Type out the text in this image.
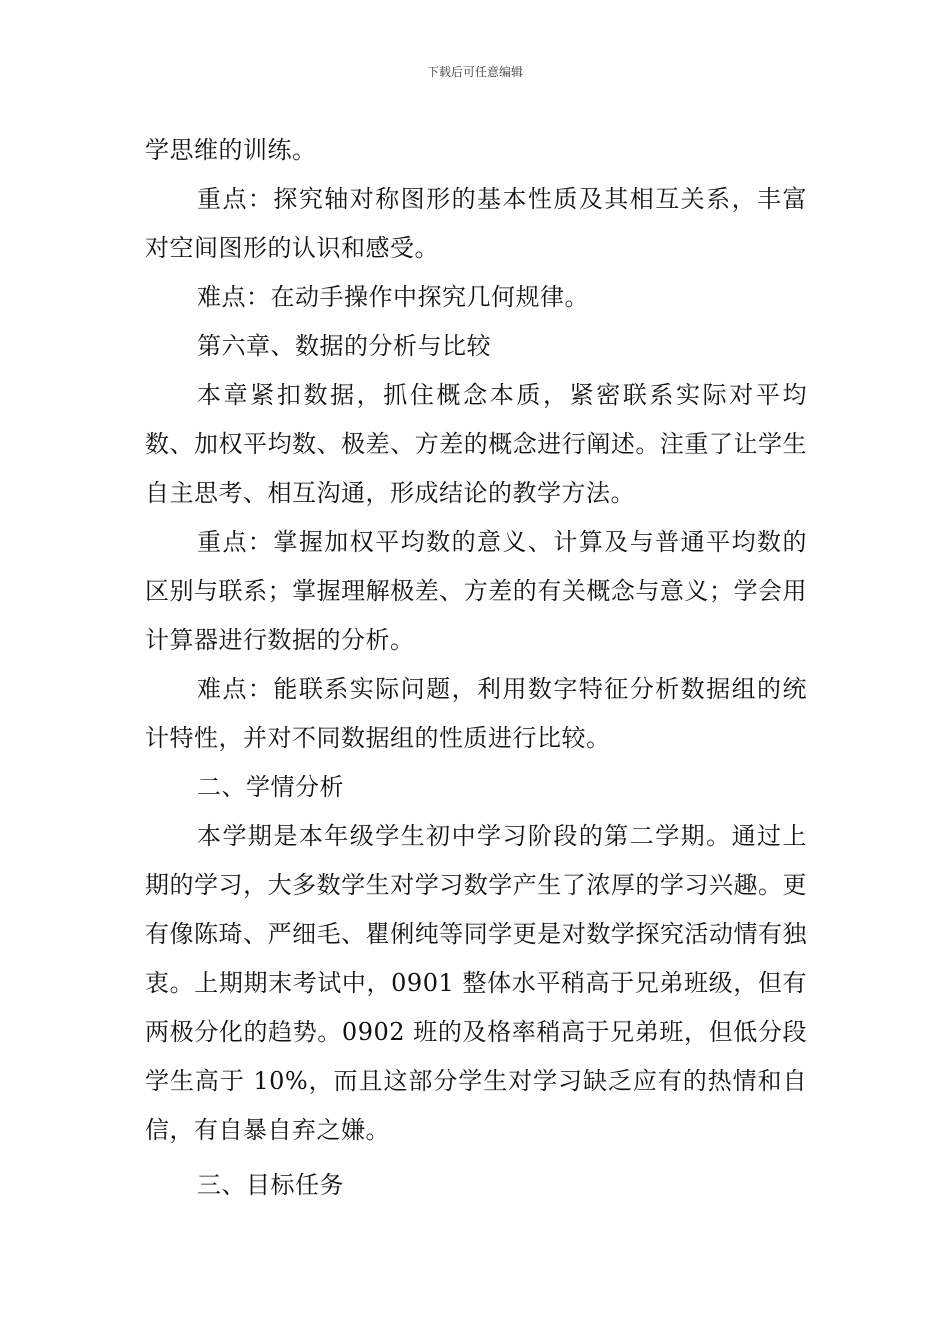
下载后可任意编辑

学思维的训练。

重点：探究轴对称图形的基本性质及其相互关系，丰富对空间图形的认识和感受。

难点：在动手操作中探究几何规律。

第六章、数据的分析与比较

本章紧扣数据，抓住概念本质，紧密联系实际对平均数、加权平均数、极差、方差的概念进行阐述。注重了让学生自主思考、相互沟通，形成结论的教学方法。

重点：掌握加权平均数的意义、计算及与普通平均数的区别与联系；掌握理解极差、方差的有关概念与意义；学会用计算器进行数据的分析。

难点：能联系实际问题，利用数字特征分析数据组的统计特性，并对不同数据组的性质进行比较。

二、学情分析

本学期是本年级学生初中学习阶段的第二学期。通过上期的学习，大多数学生对学习数学产生了浓厚的学习兴趣。更有像陈琦、严细毛、瞿俐纯等同学更是对数学探究活动情有独衷。上期期末考试中，0901 整体水平稍高于兄弟班级，但有两极分化的趋势。0902 班的及格率稍高于兄弟班，但低分段学生高于 10%，而且这部分学生对学习缺乏应有的热情和自信，有自暴自弃之嫌。

三、目标任务
